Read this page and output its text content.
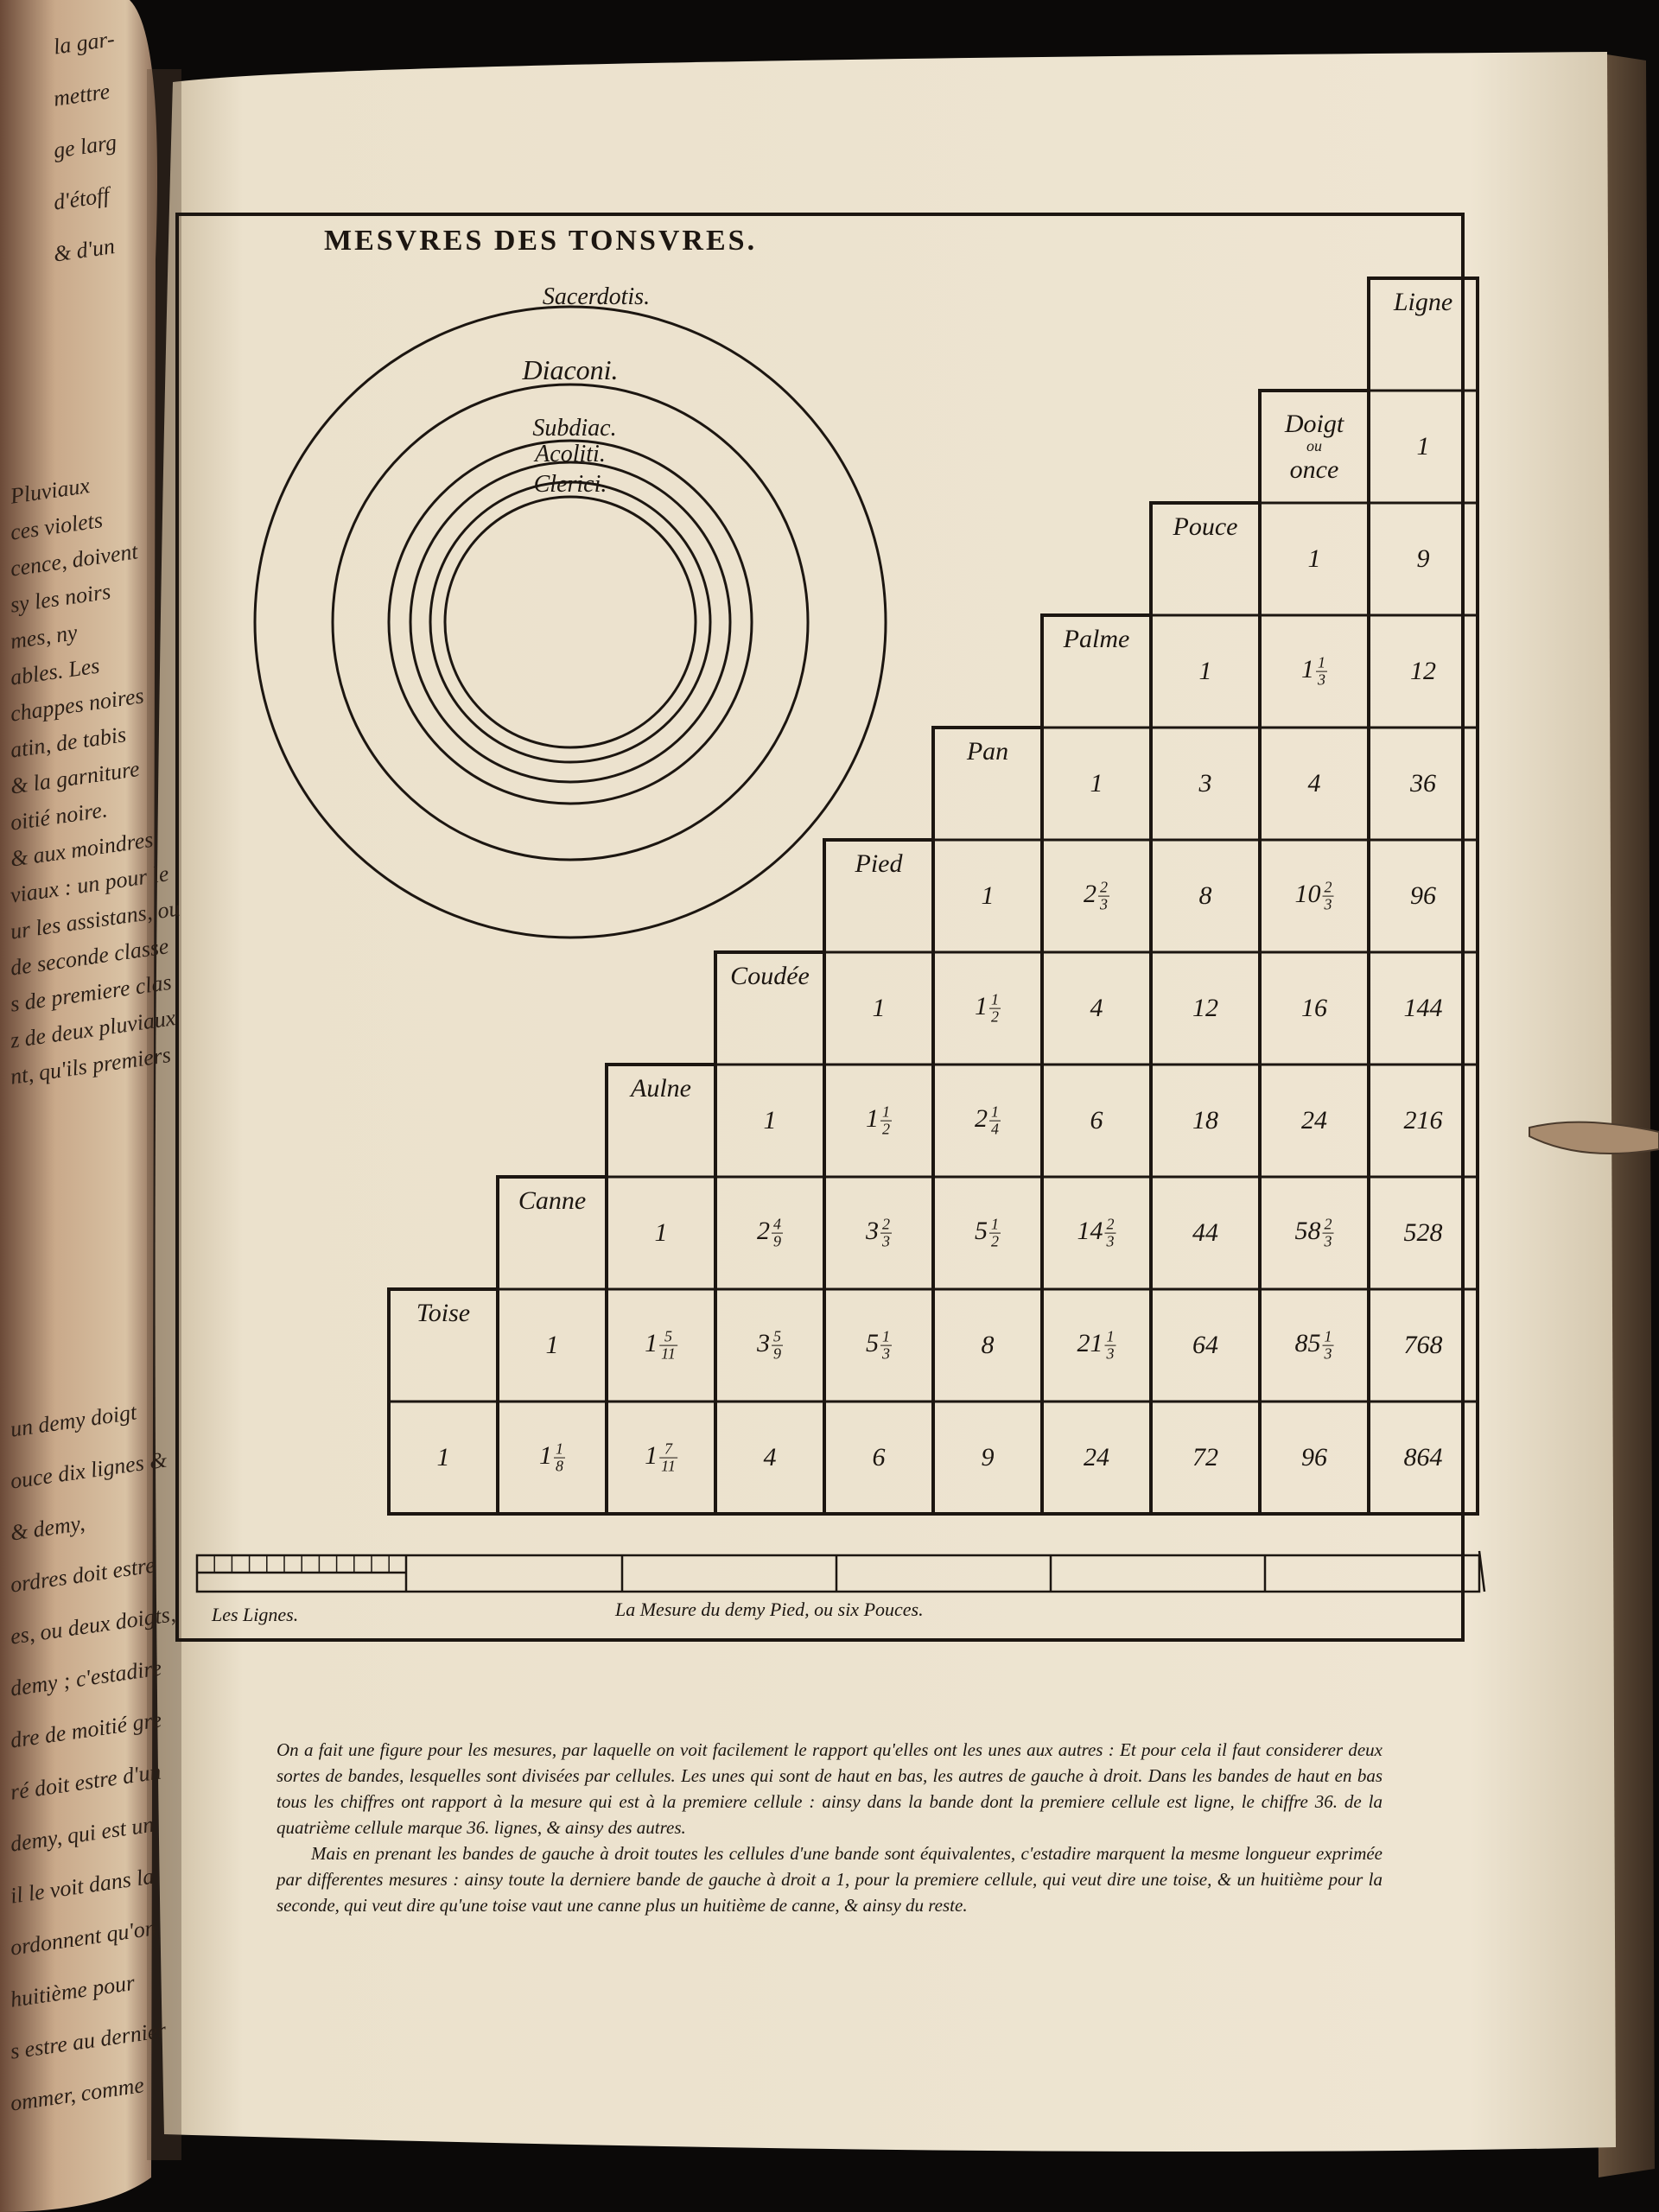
MESVRES DES TONSVRES.
Sacerdotis.
Diaconi.
Subdiac.
Acoliti.
Clerici.
Toise
1
Canne
1
$1 \frac{1}{8}$
Aulne
1
$1 \frac{5}{11}$
$1 \frac{7}{11}$
Coudée
1
$2 \frac{4}{9}$
$3 \frac{5}{9}$
4
Pied
1
$1 \frac{1}{2}$
$3 \frac{2}{3}$
$5 \frac{1}{3}$
6
Pan
1
$1 \frac{1}{2}$
$2 \frac{1}{4}$
$5 \frac{1}{2}$
8
9
Palme
1
$2 \frac{2}{3}$
4
6
$14 \frac{2}{3}$
$21 \frac{1}{3}$
24
Pouce
1
3
8
12
18
44
64
72
Doigt
ou
once
1
$1 \frac{1}{3}$
4
$10 \frac{2}{3}$
16
24
$58 \frac{2}{3}$
$85 \frac{1}{3}$
96
Ligne
1
9
12
36
96
144
216
528
768
864
Les Lignes.	La Mesure du demy Pied, ou six Pouces.

On a fait une figure pour les mesures, par laquelle on voit facilement le rapport qu'elles ont les unes aux autres : Et pour cela il faut considerer deux sortes de bandes, lesquelles sont divisées par cellules. Les unes qui sont de haut en bas, les autres de gauche à droit. Dans les bandes de haut en bas tous les chiffres ont rapport à la mesure qui est à la premiere cellule : ainsy dans la bande dont la premiere cellule est ligne, le chiffre 36. de la quatrième cellule marque 36. lignes, & ainsy des autres.

Mais en prenant les bandes de gauche à droit toutes les cellules d'une bande sont équivalentes, c'estadire marquent la mesme longueur exprimée par differentes mesures : ainsy toute la derniere bande de gauche à droit a 1, pour la premiere cellule, qui veut dire une toise, & un huitième pour la seconde, qui veut dire qu'une toise vaut une canne plus un huitième de canne, & ainsy du reste.

la gar-
mettre
ge larg
d'étoff
& d'un
Pluviaux
ces violets
cence, doivent
sy les noirs
mes, ny
ables. Les
chappes noires
atin, de tabis
& la garniture
oitié noire.
& aux moindres
viaux : un pour le
ur les assistans, ou
de seconde classe
s de premiere clas
z de deux pluviaux
nt, qu'ils premiers
un demy doigt
ouce dix lignes &
& demy,
ordres doit estre
es, ou deux doigts,
demy ; c'estadire
dre de moitié gre
ré doit estre d'un
demy, qui est un
il le voit dans la
ordonnent qu'on
huitième pour
s estre au dernier
ommer, comme
